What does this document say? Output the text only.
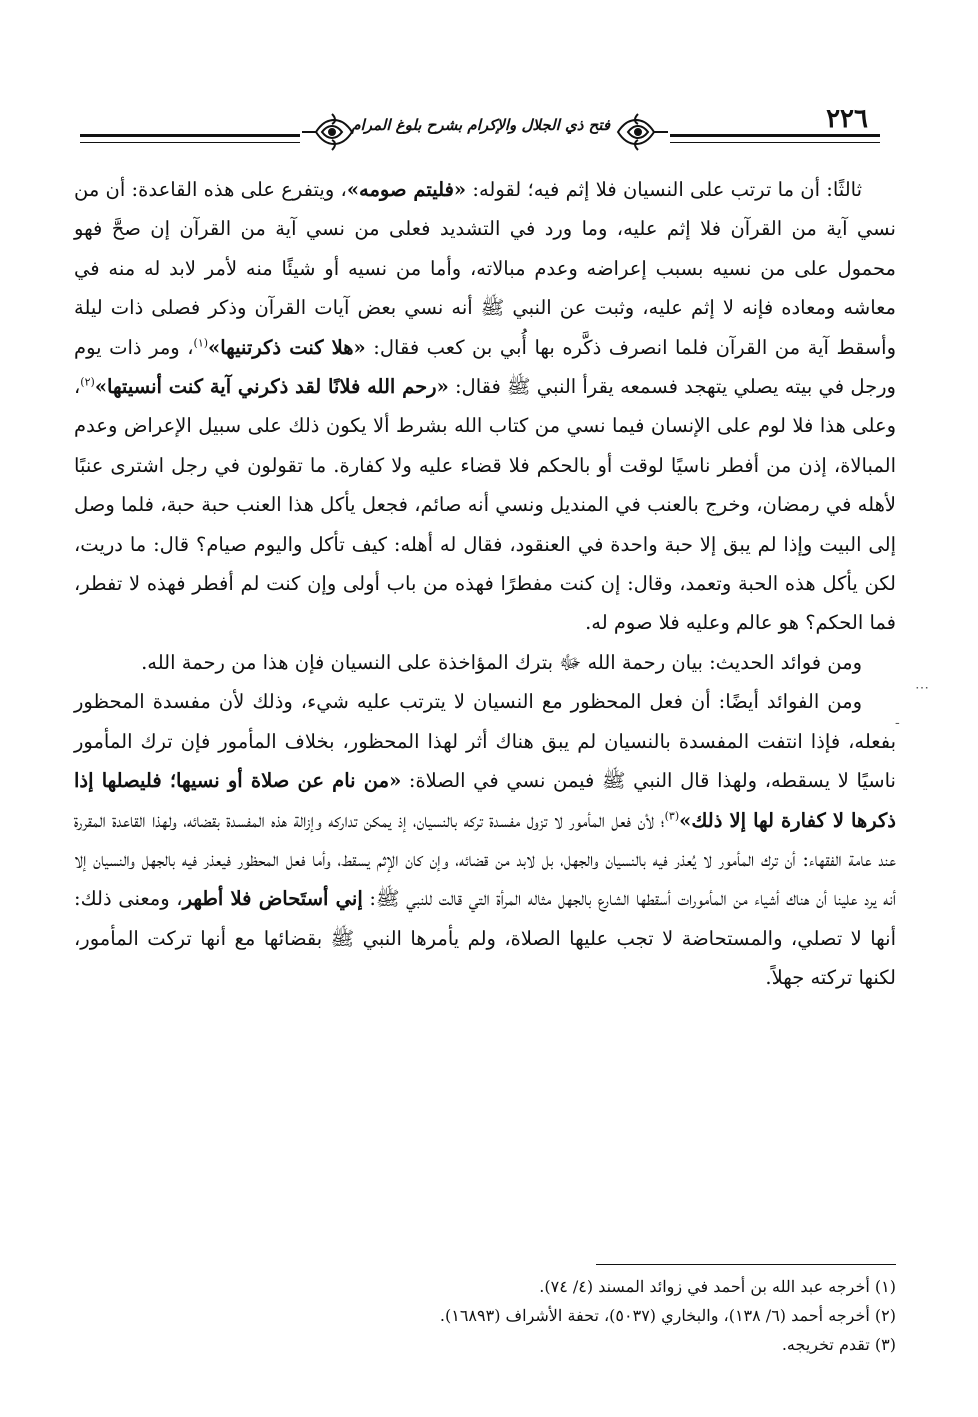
٢٢٦
فتح ذي الجلال والإكرام بشرح بلوغ المرام

ثالثًا: أن ما ترتب على النسيان فلا إثم فيه؛ لقوله: «فليتم صومه»، ويتفرع على هذه القاعدة: أن من نسي آية من القرآن فلا إثم عليه، وما ورد في التشديد فعلى من نسي آية من القرآن إن صحَّ فهو محمول على من نسيه بسبب إعراضه وعدم مبالاته، وأما من نسيه أو شيئًا منه لأمر لابد له منه في معاشه ومعاده فإنه لا إثم عليه، وثبت عن النبي ﷺ أنه نسي بعض آيات القرآن وذكر فصلى ذات ليلة وأسقط آية من القرآن فلما انصرف ذكَّره بها أُبي بن كعب فقال: «هلا كنت ذكرتنيها»$^{(١)}$، ومر ذات يوم ورجل في بيته يصلي يتهجد فسمعه يقرأ النبي ﷺ فقال: «رحم الله فلانًا لقد ذكرني آية كنت أنسيتها»$^{(٢)}$، وعلى هذا فلا لوم على الإنسان فيما نسي من كتاب الله بشرط ألا يكون ذلك على سبيل الإعراض وعدم المبالاة، إذن من أفطر ناسيًا لوقت أو بالحكم فلا قضاء عليه ولا كفارة. ما تقولون في رجل اشترى عنبًا لأهله في رمضان، وخرج بالعنب في المنديل ونسي أنه صائم، فجعل يأكل هذا العنب حبة حبة، فلما وصل إلى البيت وإذا لم يبق إلا حبة واحدة في العنقود، فقال له أهله: كيف تأكل واليوم صيام؟ قال: ما دريت، لكن يأكل هذه الحبة وتعمد، وقال: إن كنت مفطرًا فهذه من باب أولى وإن كنت لم أفطر فهذه لا تفطر، فما الحكم؟ هو عالم وعليه فلا صوم له.

ومن فوائد الحديث: بيان رحمة الله ﷻ بترك المؤاخذة على النسيان فإن هذا من رحمة الله.

ومن الفوائد أيضًا: أن فعل المحظور مع النسيان لا يترتب عليه شيء، وذلك لأن مفسدة المحظور بفعله، فإذا انتفت المفسدة بالنسيان لم يبق هناك أثر لهذا المحظور، بخلاف المأمور فإن ترك المأمور ناسيًا لا يسقطه، ولهذا قال النبي ﷺ فيمن نسي في الصلاة: «من نام عن صلاة أو نسيها؛ فليصلها إذا ذكرها لا كفارة لها إلا ذلك»$^{(٣)}$؛ لأن فعل المأمور لا تزول مفسدة تركه بالنسيان، إذ يمكن تداركه وإزالة هذه المفسدة بقضائه، ولهذا القاعدة المقررة عند عامة الفقهاء: أن ترك المأمور لا يُعذر فيه بالنسيان والجهل، بل لابد من قضائه، وإن كان الإثم يسقط، وأما فعل المحظور فيعذر فيه بالجهل والنسيان إلا أنه يرد علينا أن هناك أشياء من المأمورات أسقطها الشارع بالجهل مثاله المرأة التي قالت للنبي ﷺ: إني أستَحاض فلا أطهر، ومعنى ذلك: أنها لا تصلي، والمستحاضة لا تجب عليها الصلاة، ولم يأمرها النبي ﷺ بقضائها مع أنها تركت المأمور، لكنها تركته جهلاً.

(١) أخرجه عبد الله بن أحمد في زوائد المسند (٤/ ٧٤).

(٢) أخرجه أحمد (٦/ ١٣٨)، والبخاري (٥٠٣٧)، تحفة الأشراف (١٦٨٩٣).

(٣) تقدم تخريجه.

⋯
-
